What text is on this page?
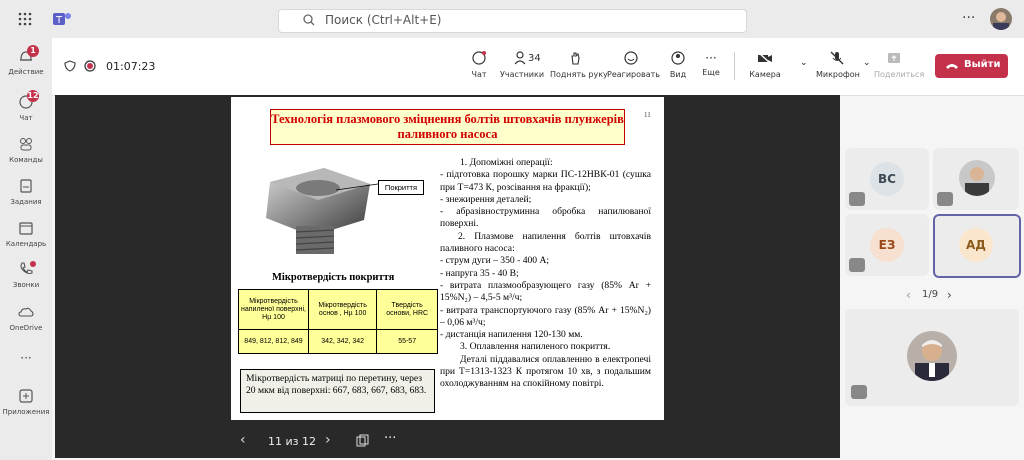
T	Поиск (Ctrl+Alt+E)	···
1
Действие
12
Чат
Команды
Задания
Календарь
Звонки
OneDrive
···
Приложения
01:07:23
Чат
34
Участники Поднять руку Реагировать	Вид
···
Еще	Камера
⌄
Микрофон
⌄
Поделиться
Выйти
Технологія плазмового зміцнення болтів штовхачів плунжерів паливного насоса
11
Покриття
Мікротвердість покриття
Мікротвердість напиленої поверхні, Hµ 100	Мікротвердість основ , Hµ 100	Твердість основи, HRC
849, 812, 812, 849	342, 342, 342	55-57
Мікротвердість матриці по перетину, через 20 мкм від поверхні: 667, 683, 667, 683, 683.

1. Допоміжні операції:

- підготовка порошку марки ПС-12НВК-01 (сушка при Т=473 К, розсівання на фракції);

- знежирення деталей;

- абразівноструминна обробка напилюваної поверхні.

2. Плазмове напилення болтів штовхачів паливного насоса:

- струм дуги – 350 - 400 А;

- напруга 35 - 40 В;

- витрата плазмообразующего газу (85% Ar + 15%N₂) – 4,5-5 м³/ч;

- витрата транспортуючого газу (85% Ar + 15%N₂) – 0,06 м³/ч;

- дистанція напилення 120-130 мм.

3. Оплавлення напиленого покриття.

Деталі піддавалися оплавленню в електропечі при Т=1313-1323 К протягом 10 хв, з подальшим охолоджуванням на спокійному повітрі.

‹ 11 из 12 ›	···
ВС
ЕЗ	АД
‹ 1/9 ›
